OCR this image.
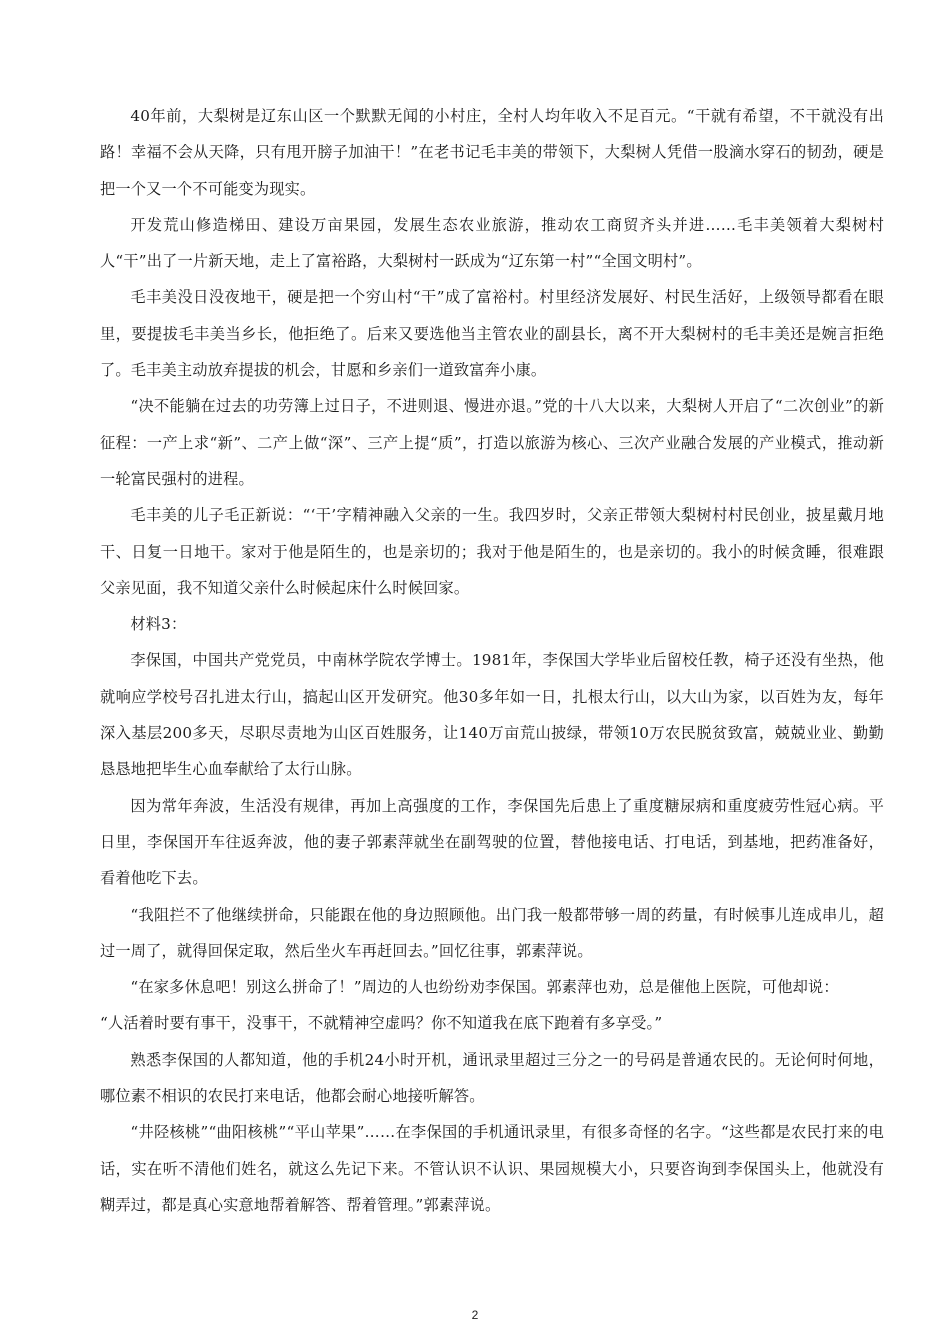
40年前，大梨树是辽东山区一个默默无闻的小村庄，全村人均年收入不足百元。“干就有希望，不干就没有出路！幸福不会从天降，只有甩开膀子加油干！”在老书记毛丰美的带领下，大梨树人凭借一股滴水穿石的韧劲，硬是把一个又一个不可能变为现实。

开发荒山修造梯田、建设万亩果园，发展生态农业旅游，推动农工商贸齐头并进……毛丰美领着大梨树村人“干”出了一片新天地，走上了富裕路，大梨树村一跃成为“辽东第一村”“全国文明村”。

毛丰美没日没夜地干，硬是把一个穷山村“干”成了富裕村。村里经济发展好、村民生活好，上级领导都看在眼里，要提拔毛丰美当乡长，他拒绝了。后来又要选他当主管农业的副县长，离不开大梨树村的毛丰美还是婉言拒绝了。毛丰美主动放弃提拔的机会，甘愿和乡亲们一道致富奔小康。

“决不能躺在过去的功劳簿上过日子，不进则退、慢进亦退。”党的十八大以来，大梨树人开启了“二次创业”的新征程：一产上求“新”、二产上做“深”、三产上提“质”，打造以旅游为核心、三次产业融合发展的产业模式，推动新一轮富民强村的进程。

毛丰美的儿子毛正新说：“‘干’字精神融入父亲的一生。我四岁时，父亲正带领大梨树村村民创业，披星戴月地干、日复一日地干。家对于他是陌生的，也是亲切的；我对于他是陌生的，也是亲切的。我小的时候贪睡，很难跟父亲见面，我不知道父亲什么时候起床什么时候回家。

材料3：

李保国，中国共产党党员，中南林学院农学博士。1981年，李保国大学毕业后留校任教，椅子还没有坐热，他就响应学校号召扎进太行山，搞起山区开发研究。他30多年如一日，扎根太行山，以大山为家，以百姓为友，每年深入基层200多天，尽职尽责地为山区百姓服务，让140万亩荒山披绿，带领10万农民脱贫致富，兢兢业业、勤勤恳恳地把毕生心血奉献给了太行山脉。

因为常年奔波，生活没有规律，再加上高强度的工作，李保国先后患上了重度糖尿病和重度疲劳性冠心病。平日里，李保国开车往返奔波，他的妻子郭素萍就坐在副驾驶的位置，替他接电话、打电话，到基地，把药准备好，看着他吃下去。

“我阻拦不了他继续拼命，只能跟在他的身边照顾他。出门我一般都带够一周的药量，有时候事儿连成串儿，超过一周了，就得回保定取，然后坐火车再赶回去。”回忆往事，郭素萍说。

“在家多休息吧！别这么拼命了！”周边的人也纷纷劝李保国。郭素萍也劝，总是催他上医院，可他却说：

“人活着时要有事干，没事干，不就精神空虚吗？你不知道我在底下跑着有多享受。”

熟悉李保国的人都知道，他的手机24小时开机，通讯录里超过三分之一的号码是普通农民的。无论何时何地，哪位素不相识的农民打来电话，他都会耐心地接听解答。

“井陉核桃”“曲阳核桃”“平山苹果”……在李保国的手机通讯录里，有很多奇怪的名字。“这些都是农民打来的电话，实在听不清他们姓名，就这么先记下来。不管认识不认识、果园规模大小，只要咨询到李保国头上，他就没有糊弄过，都是真心实意地帮着解答、帮着管理。”郭素萍说。

2
